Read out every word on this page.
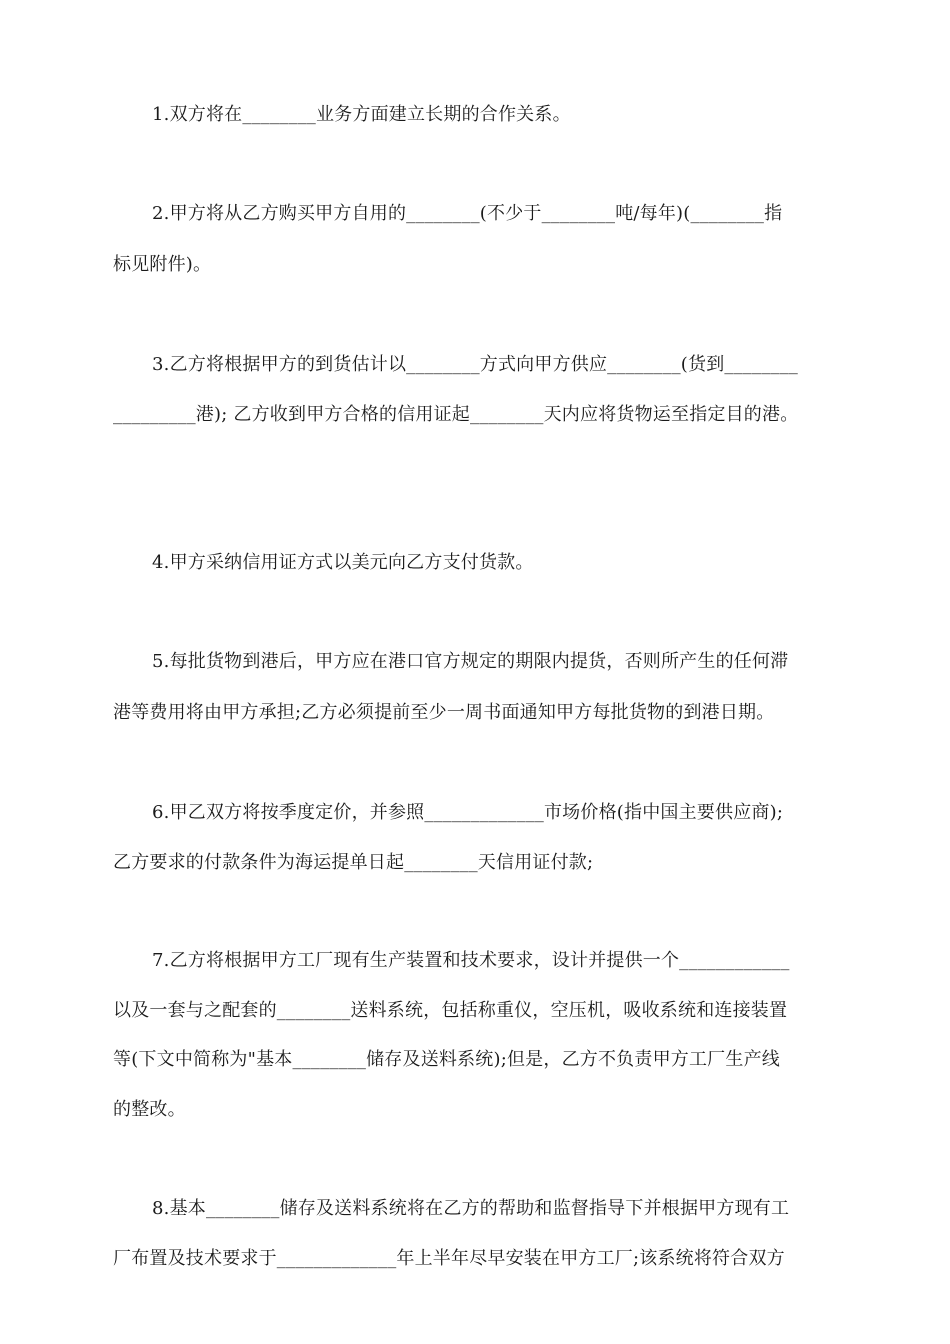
1.双方将在________业务方面建立长期的合作关系。
2.甲方将从乙方购买甲方自用的________(不少于________吨/每年)(________指
标见附件)。
3.乙方将根据甲方的到货估计以________方式向甲方供应________(货到________
_________港); 乙方收到甲方合格的信用证起________天内应将货物运至指定目的港。
4.甲方采纳信用证方式以美元向乙方支付货款。
5.每批货物到港后，甲方应在港口官方规定的期限内提货，否则所产生的任何滞
港等费用将由甲方承担;乙方必须提前至少一周书面通知甲方每批货物的到港日期。
6.甲乙双方将按季度定价，并参照_____________市场价格(指中国主要供应商);
乙方要求的付款条件为海运提单日起________天信用证付款;
7.乙方将根据甲方工厂现有生产装置和技术要求，设计并提供一个____________
以及一套与之配套的________送料系统，包括称重仪，空压机，吸收系统和连接装置
等(下文中简称为"基本________储存及送料系统);但是，乙方不负责甲方工厂生产线
的整改。
8.基本________储存及送料系统将在乙方的帮助和监督指导下并根据甲方现有工
厂布置及技术要求于_____________年上半年尽早安装在甲方工厂;该系统将符合双方
